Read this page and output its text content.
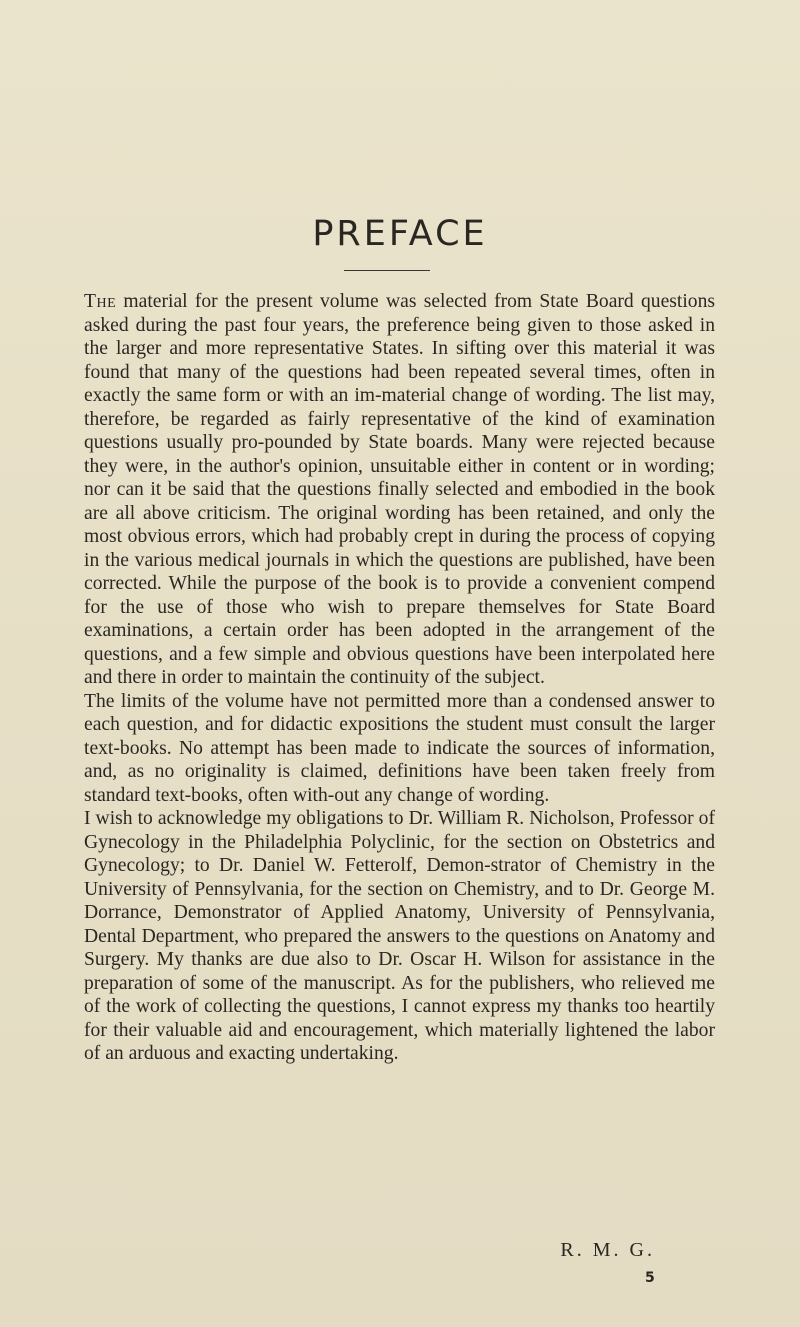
PREFACE

The material for the present volume was selected from State Board questions asked during the past four years, the preference being given to those asked in the larger and more representative States. In sifting over this material it was found that many of the questions had been repeated several times, often in exactly the same form or with an im-material change of wording. The list may, therefore, be regarded as fairly representative of the kind of examination questions usually pro-pounded by State boards. Many were rejected because they were, in the author's opinion, unsuitable either in content or in wording; nor can it be said that the questions finally selected and embodied in the book are all above criticism. The original wording has been retained, and only the most obvious errors, which had probably crept in during the process of copying in the various medical journals in which the questions are published, have been corrected. While the purpose of the book is to provide a convenient compend for the use of those who wish to prepare themselves for State Board examinations, a certain order has been adopted in the arrangement of the questions, and a few simple and obvious questions have been interpolated here and there in order to maintain the continuity of the subject.

The limits of the volume have not permitted more than a condensed answer to each question, and for didactic expositions the student must consult the larger text-books. No attempt has been made to indicate the sources of information, and, as no originality is claimed, definitions have been taken freely from standard text-books, often with-out any change of wording.

I wish to acknowledge my obligations to Dr. William R. Nicholson, Professor of Gynecology in the Philadelphia Polyclinic, for the section on Obstetrics and Gynecology; to Dr. Daniel W. Fetterolf, Demon-strator of Chemistry in the University of Pennsylvania, for the section on Chemistry, and to Dr. George M. Dorrance, Demonstrator of Applied Anatomy, University of Pennsylvania, Dental Department, who prepared the answers to the questions on Anatomy and Surgery. My thanks are due also to Dr. Oscar H. Wilson for assistance in the preparation of some of the manuscript. As for the publishers, who relieved me of the work of collecting the questions, I cannot express my thanks too heartily for their valuable aid and encouragement, which materially lightened the labor of an arduous and exacting undertaking.

R. M. G.
5
